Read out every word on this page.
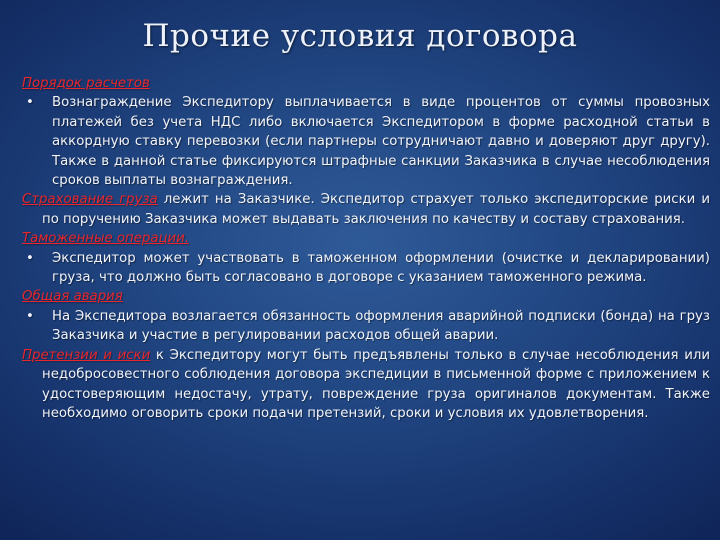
Прочие условия договора
Порядок расчетов
• Вознаграждение Экспедитору выплачивается в виде процентов от суммы провозных платежей без учета НДС либо включается Экспедитором в форме расходной статьи в аккордную ставку перевозки (если партнеры сотрудничают давно и доверяют друг другу). Также в данной статье фиксируются штрафные санкции Заказчика в случае несоблюдения сроков выплаты вознаграждения.
Страхование груза лежит на Заказчике. Экспедитор страхует только экспедиторские риски и по поручению Заказчика может выдавать заключения по качеству и составу страхования.
Таможенные операции.
• Экспедитор может участвовать в таможенном оформлении (очистке и декларировании) груза, что должно быть согласовано в договоре с указанием таможенного режима.
Общая авария
• На Экспедитора возлагается обязанность оформления аварийной подписки (бонда) на груз Заказчика и участие в регулировании расходов общей аварии.
Претензии и иски к Экспедитору могут быть предъявлены только в случае несоблюдения или недобросовестного соблюдения договора экспедиции в письменной форме с приложением к удостоверяющим недостачу, утрату, повреждение груза оригиналов документам. Также необходимо оговорить сроки подачи претензий, сроки и условия их удовлетворения.
